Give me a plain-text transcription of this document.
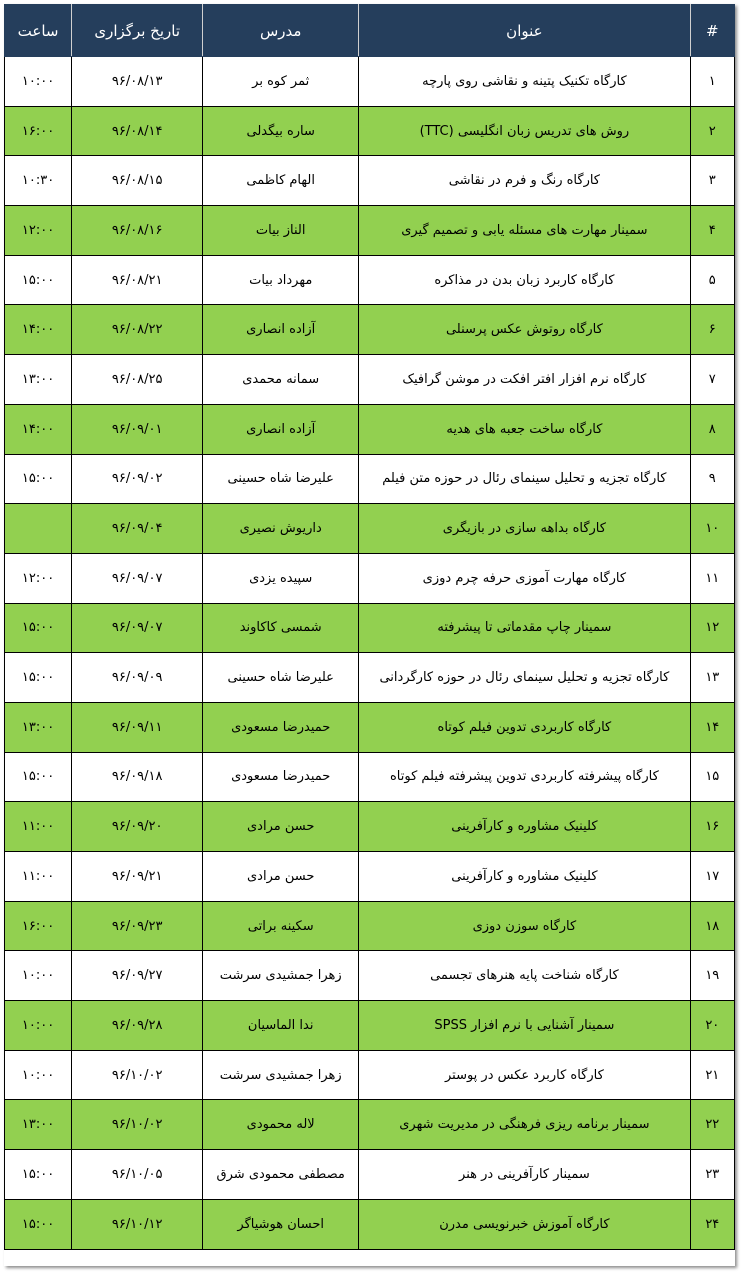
#	عنوان	مدرس	تاریخ برگزاری	ساعت
۱	کارگاه تکنیک پتینه و نقاشی روی پارچه	ثمر کوه بر	۹۶/۰۸/۱۳	۱۰:۰۰
۲	روش های تدریس زبان انگلیسی (TTC)	ساره بیگدلی	۹۶/۰۸/۱۴	۱۶:۰۰
۳	کارگاه رنگ و فرم در نقاشی	الهام کاظمی	۹۶/۰۸/۱۵	۱۰:۳۰
۴	سمینار مهارت های مسئله یابی و تصمیم گیری	الناز بیات	۹۶/۰۸/۱۶	۱۲:۰۰
۵	کارگاه کاربرد زبان بدن در مذاکره	مهرداد بیات	۹۶/۰۸/۲۱	۱۵:۰۰
۶	کارگاه روتوش عکس پرسنلی	آزاده انصاری	۹۶/۰۸/۲۲	۱۴:۰۰
۷	کارگاه نرم افزار افتر افکت در موشن گرافیک	سمانه محمدی	۹۶/۰۸/۲۵	۱۳:۰۰
۸	کارگاه ساخت جعبه های هدیه	آزاده انصاری	۹۶/۰۹/۰۱	۱۴:۰۰
۹	کارگاه تجزیه و تحلیل سینمای رئال در حوزه متن فیلم	علیرضا شاه حسینی	۹۶/۰۹/۰۲	۱۵:۰۰
۱۰	کارگاه بداهه سازی در بازیگری	داریوش نصیری	۹۶/۰۹/۰۴	
۱۱	کارگاه مهارت آموزی حرفه چرم دوزی	سپیده یزدی	۹۶/۰۹/۰۷	۱۲:۰۰
۱۲	سمینار چاپ مقدماتی تا پیشرفته	شمسی کاکاوند	۹۶/۰۹/۰۷	۱۵:۰۰
۱۳	کارگاه تجزیه و تحلیل سینمای رئال در حوزه کارگردانی	علیرضا شاه حسینی	۹۶/۰۹/۰۹	۱۵:۰۰
۱۴	کارگاه کاربردی تدوین فیلم کوتاه	حمیدرضا مسعودی	۹۶/۰۹/۱۱	۱۳:۰۰
۱۵	کارگاه پیشرفته کاربردی تدوین پیشرفته فیلم کوتاه	حمیدرضا مسعودی	۹۶/۰۹/۱۸	۱۵:۰۰
۱۶	کلینیک مشاوره و کارآفرینی	حسن مرادی	۹۶/۰۹/۲۰	۱۱:۰۰
۱۷	کلینیک مشاوره و کارآفرینی	حسن مرادی	۹۶/۰۹/۲۱	۱۱:۰۰
۱۸	کارگاه سوزن دوزی	سکینه براتی	۹۶/۰۹/۲۳	۱۶:۰۰
۱۹	کارگاه شناخت پایه هنرهای تجسمی	زهرا جمشیدی سرشت	۹۶/۰۹/۲۷	۱۰:۰۰
۲۰	سمینار آشنایی با نرم افزار SPSS	ندا الماسیان	۹۶/۰۹/۲۸	۱۰:۰۰
۲۱	کارگاه کاربرد عکس در پوستر	زهرا جمشیدی سرشت	۹۶/۱۰/۰۲	۱۰:۰۰
۲۲	سمینار برنامه ریزی فرهنگی در مدیریت شهری	لاله محمودی	۹۶/۱۰/۰۲	۱۳:۰۰
۲۳	سمینار کارآفرینی در هنر	مصطفی محمودی شرق	۹۶/۱۰/۰۵	۱۵:۰۰
۲۴	کارگاه آموزش خبرنویسی مدرن	احسان هوشیاگر	۹۶/۱۰/۱۲	۱۵:۰۰
